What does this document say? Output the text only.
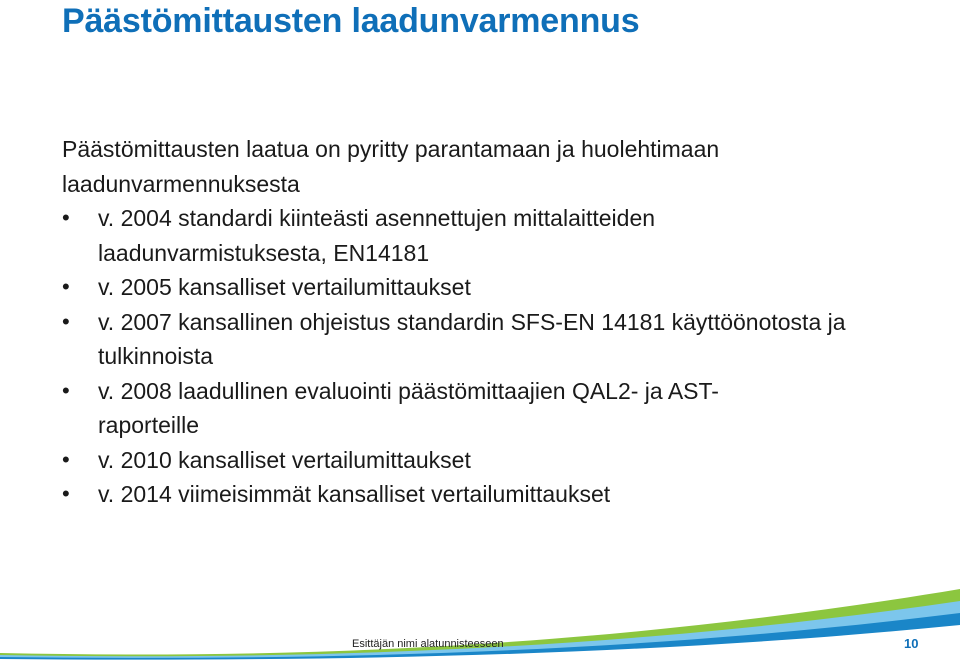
Päästömittausten laadunvarmennus

Päästömittausten laatua on pyritty parantamaan ja huolehtimaan laadunvarmennuksesta

• v. 2004 standardi kiinteästi asennettujen mittalaitteiden laadunvarmistuksesta, EN14181
• v. 2005 kansalliset vertailumittaukset
• v. 2007 kansallinen ohjeistus standardin SFS-EN 14181 käyttöönotosta ja tulkinnoista
• v. 2008 laadullinen evaluointi päästömittaajien QAL2- ja AST-raporteille
• v. 2010 kansalliset vertailumittaukset
• v. 2014 viimeisimmät kansalliset vertailumittaukset
Esittäjän nimi alatunnisteeseen	10
